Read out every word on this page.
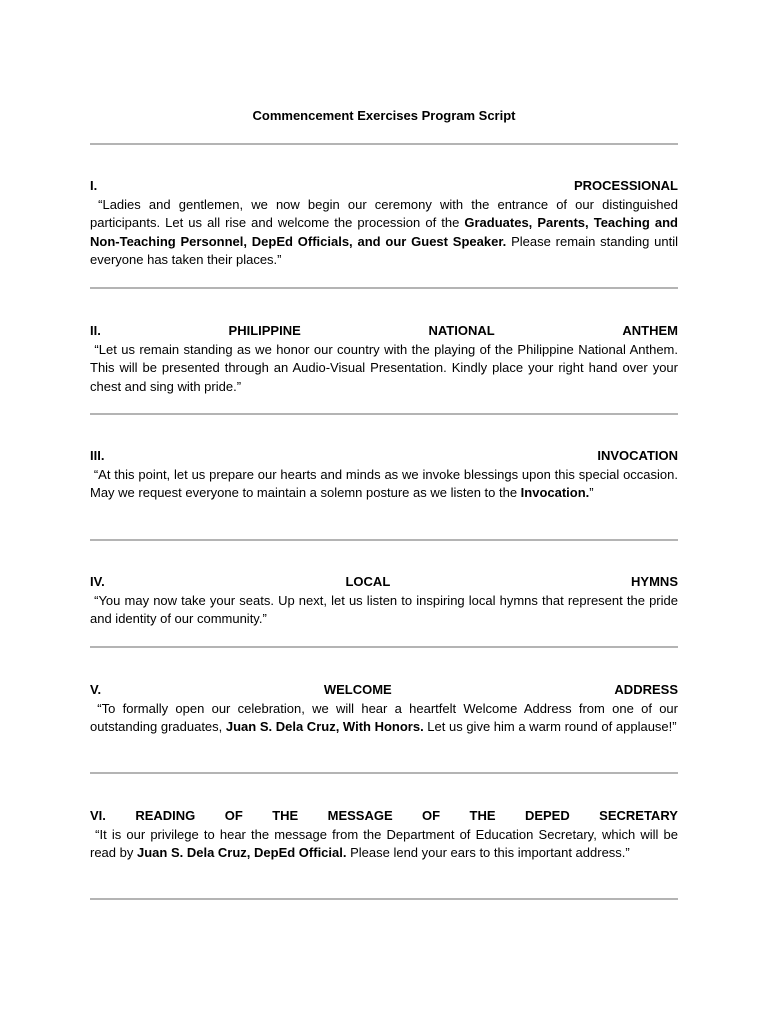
Commencement Exercises Program Script
I.	PROCESSIONAL

“Ladies and gentlemen, we now begin our ceremony with the entrance of our distinguished participants. Let us all rise and welcome the procession of the Graduates, Parents, Teaching and Non-Teaching Personnel, DepEd Officials, and our Guest Speaker. Please remain standing until everyone has taken their places.”

II.	PHILIPPINE	NATIONAL	ANTHEM

“Let us remain standing as we honor our country with the playing of the Philippine National Anthem. This will be presented through an Audio-Visual Presentation. Kindly place your right hand over your chest and sing with pride.”

III.	INVOCATION

“At this point, let us prepare our hearts and minds as we invoke blessings upon this special occasion. May we request everyone to maintain a solemn posture as we listen to the Invocation.”

IV.	LOCAL	HYMNS

“You may now take your seats. Up next, let us listen to inspiring local hymns that represent the pride and identity of our community.”

V.	WELCOME	ADDRESS

“To formally open our celebration, we will hear a heartfelt Welcome Address from one of our outstanding graduates, Juan S. Dela Cruz, With Honors. Let us give him a warm round of applause!”

VI. READING OF THE MESSAGE OF THE DEPED SECRETARY

“It is our privilege to hear the message from the Department of Education Secretary, which will be read by Juan S. Dela Cruz, DepEd Official. Please lend your ears to this important address.”
